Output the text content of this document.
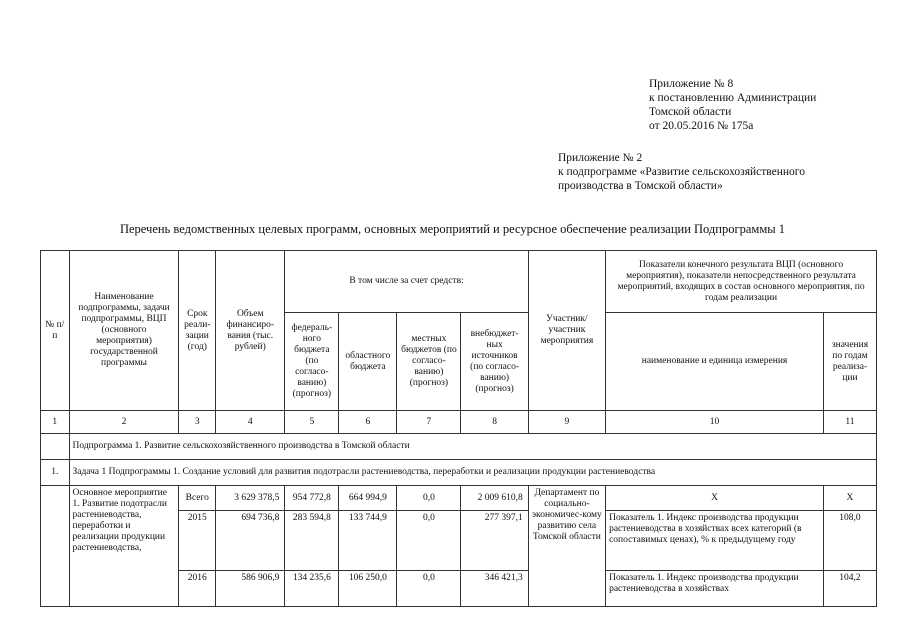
Приложение № 8
к постановлению Администрации
Томской области
от 20.05.2016 № 175а
Приложение № 2
к подпрограмме «Развитие сельскохозяйственного
производства в Томской области»
Перечень ведомственных целевых программ, основных мероприятий и ресурсное обеспечение реализации Подпрограммы 1
№ п/п	Наименование подпрограммы, задачи подпрограммы, ВЦП (основного мероприятия) государственной программы	Срок реали-зации (год)	Объем финансиро-вания (тыс. рублей)	В том числе за счет средств:				Участник/ участник мероприятия	Показатели конечного результата ВЦП (основного мероприятия), показатели непосредственного результата мероприятий, входящих в состав основного мероприятия, по годам реализации	
				федераль-ного бюджета (по согласо-ванию) (прогноз)	областного бюджета	местных бюджетов (по согласо-ванию) (прогноз)	внебюджет-ных источников (по согласо-ванию) (прогноз)		наименование и единица измерения	значения по годам реализа-ции
1	2	3	4	5	6	7	8	9	10	11
	Подпрограмма 1. Развитие сельскохозяйственного производства в Томской области									
1.	Задача 1 Подпрограммы 1. Создание условий для развития подотрасли растениеводства, переработки и реализации продукции растениеводства									
	Основное мероприятие 1. Развитие подотрасли растениеводства, переработки и реализации продукции растениеводства,	Всего	3 629 378,5	954 772,8	664 994,9	0,0	2 009 610,8	Департамент по социально-экономичес-кому развитию села Томской области	Х	Х
		2015	694 736,8	283 594,8	133 744,9	0,0	277 397,1		Показатель 1. Индекс производства продукции растениеводства в хозяйствах всех категорий (в сопоставимых ценах), % к предыдущему году	108,0
		2016	586 906,9	134 235,6	106 250,0	0,0	346 421,3		Показатель 1. Индекс производства продукции растениеводства в хозяйствах	104,2
